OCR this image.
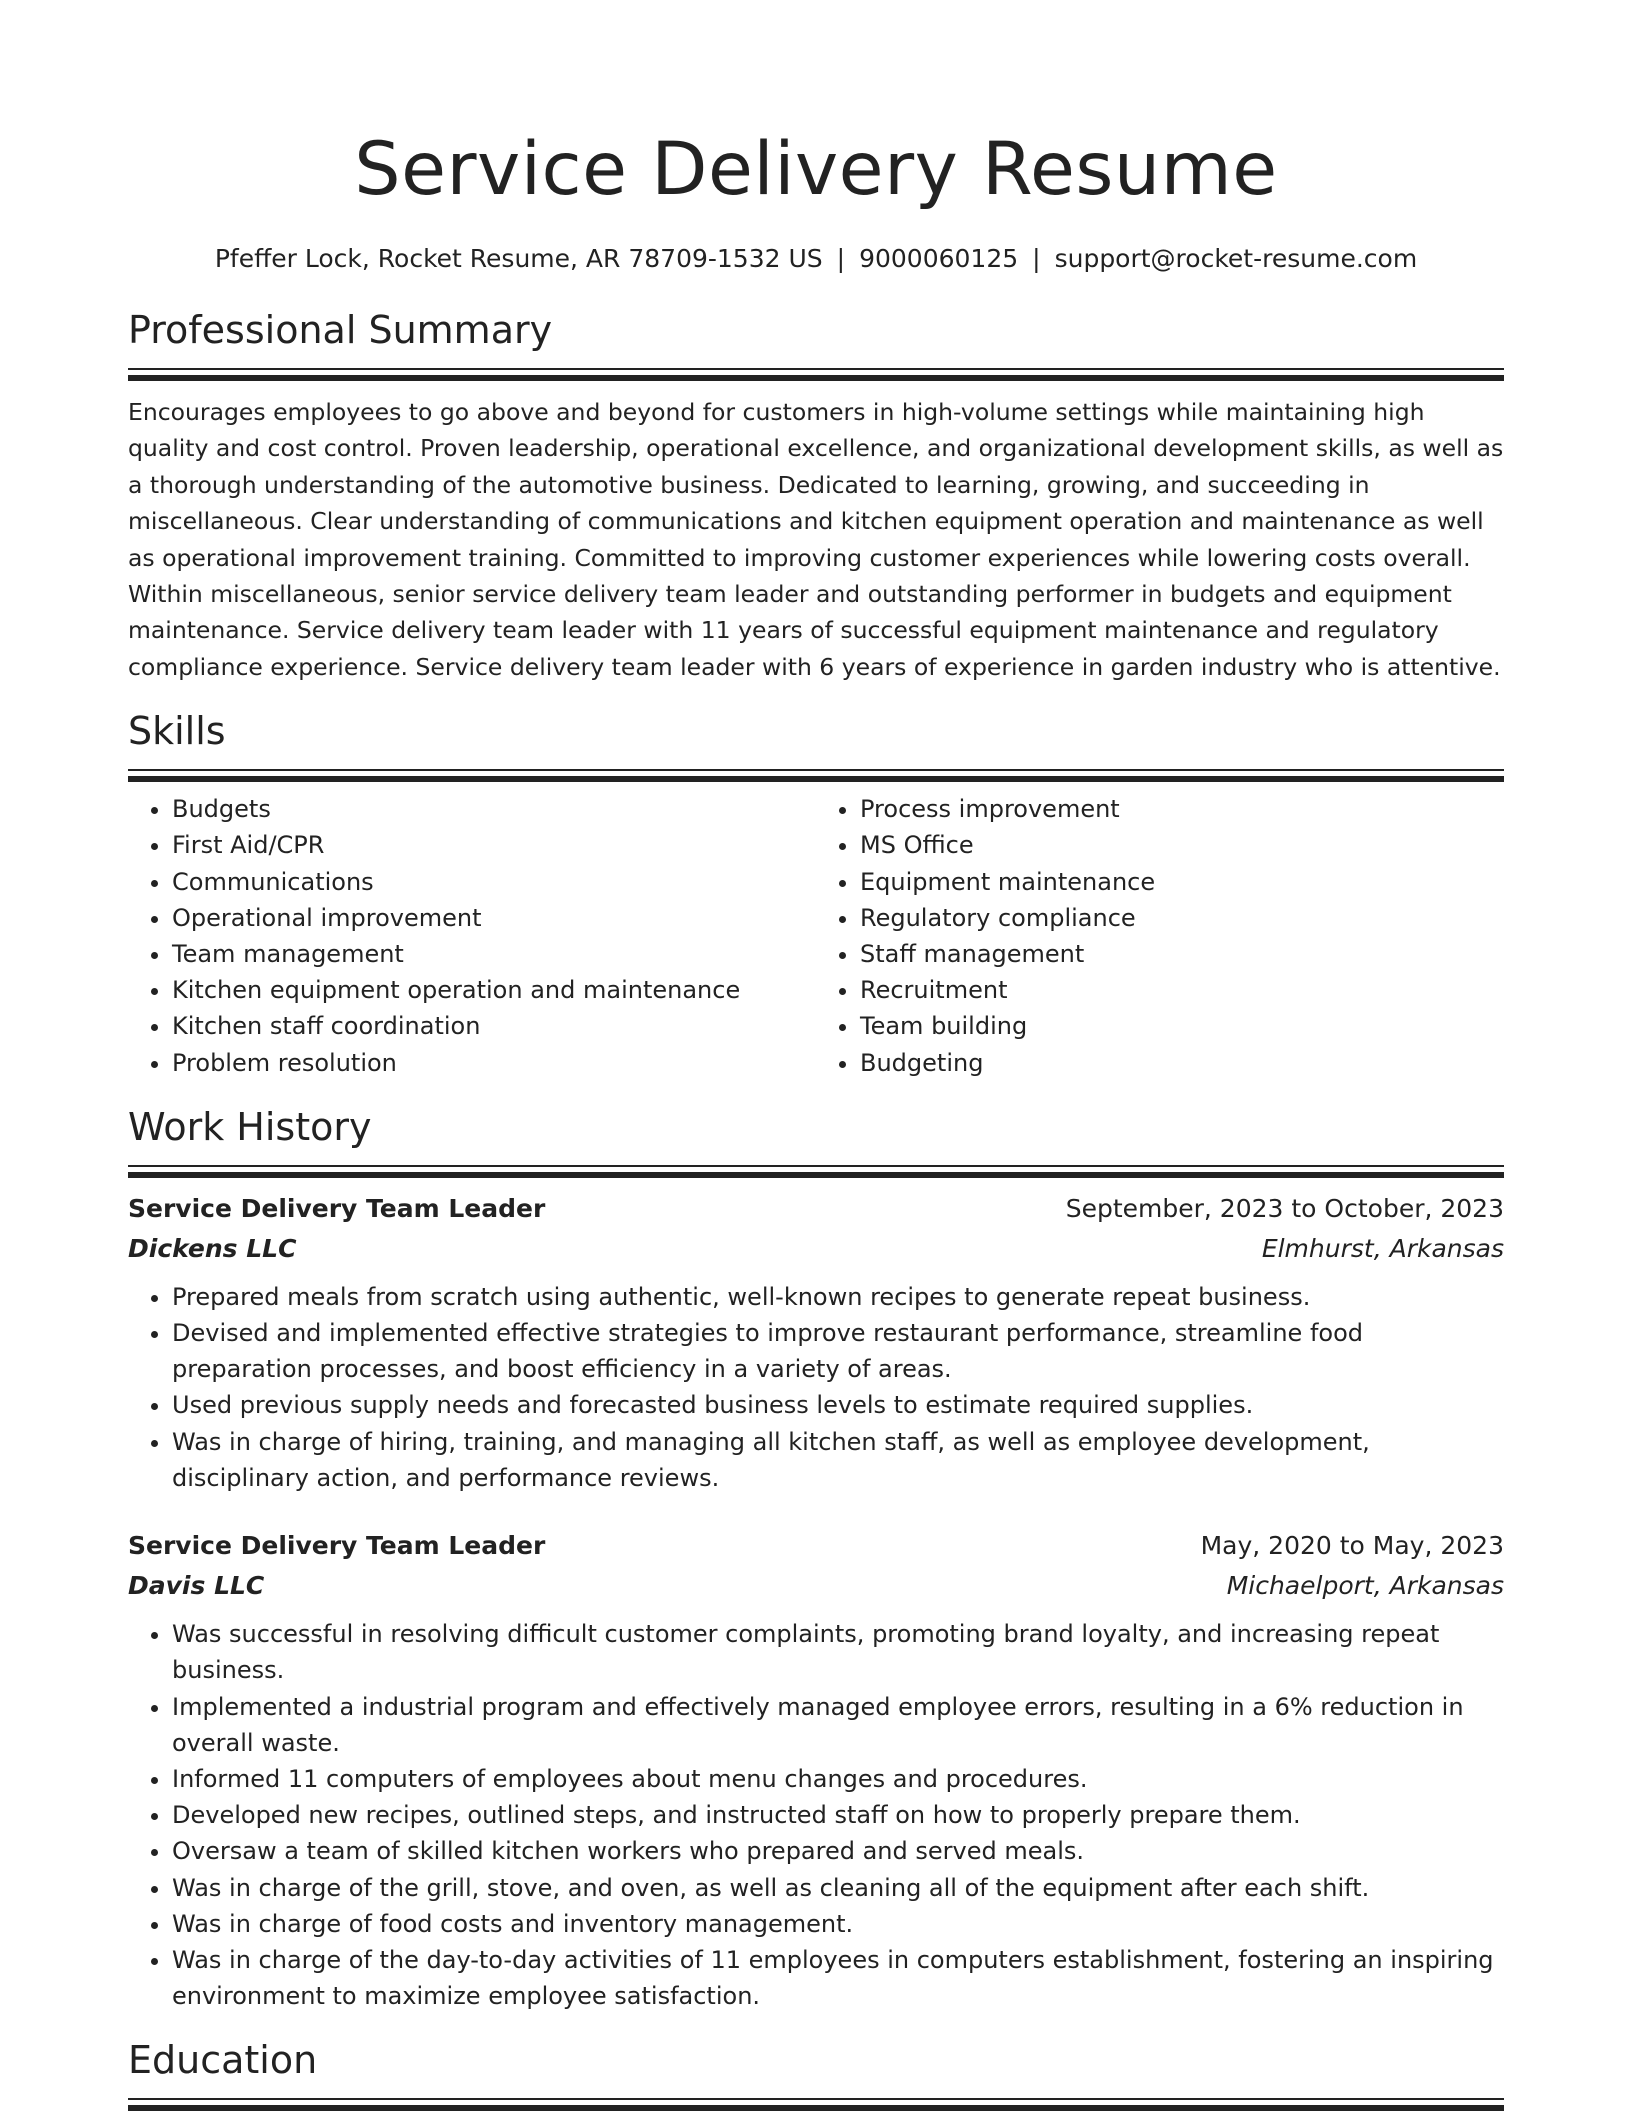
Service Delivery Resume
Pfeffer Lock, Rocket Resume, AR 78709-1532 US | 9000060125 | support@rocket-resume.com
Professional Summary
Encourages employees to go above and beyond for customers in high-volume settings while maintaining high quality and cost control. Proven leadership, operational excellence, and organizational development skills, as well as a thorough understanding of the automotive business. Dedicated to learning, growing, and succeeding in miscellaneous. Clear understanding of communications and kitchen equipment operation and maintenance as well as operational improvement training. Committed to improving customer experiences while lowering costs overall. Within miscellaneous, senior service delivery team leader and outstanding performer in budgets and equipment maintenance. Service delivery team leader with 11 years of successful equipment maintenance and regulatory compliance experience. Service delivery team leader with 6 years of experience in garden industry who is attentive.
Skills
• Budgets
• First Aid/CPR
• Communications
• Operational improvement
• Team management
• Kitchen equipment operation and maintenance
• Kitchen staff coordination
• Problem resolution
• Process improvement
• MS Office
• Equipment maintenance
• Regulatory compliance
• Staff management
• Recruitment
• Team building
• Budgeting
Work History
Service Delivery Team Leader	September, 2023 to October, 2023
Dickens LLC	Elmhurst, Arkansas
• Prepared meals from scratch using authentic, well-known recipes to generate repeat business.
• Devised and implemented effective strategies to improve restaurant performance, streamline food preparation processes, and boost efficiency in a variety of areas.
• Used previous supply needs and forecasted business levels to estimate required supplies.
• Was in charge of hiring, training, and managing all kitchen staff, as well as employee development, disciplinary action, and performance reviews.
Service Delivery Team Leader	May, 2020 to May, 2023
Davis LLC	Michaelport, Arkansas
• Was successful in resolving difficult customer complaints, promoting brand loyalty, and increasing repeat business.
• Implemented a industrial program and effectively managed employee errors, resulting in a 6% reduction in overall waste.
• Informed 11 computers of employees about menu changes and procedures.
• Developed new recipes, outlined steps, and instructed staff on how to properly prepare them.
• Oversaw a team of skilled kitchen workers who prepared and served meals.
• Was in charge of the grill, stove, and oven, as well as cleaning all of the equipment after each shift.
• Was in charge of food costs and inventory management.
• Was in charge of the day-to-day activities of 11 employees in computers establishment, fostering an inspiring environment to maximize employee satisfaction.
Education
